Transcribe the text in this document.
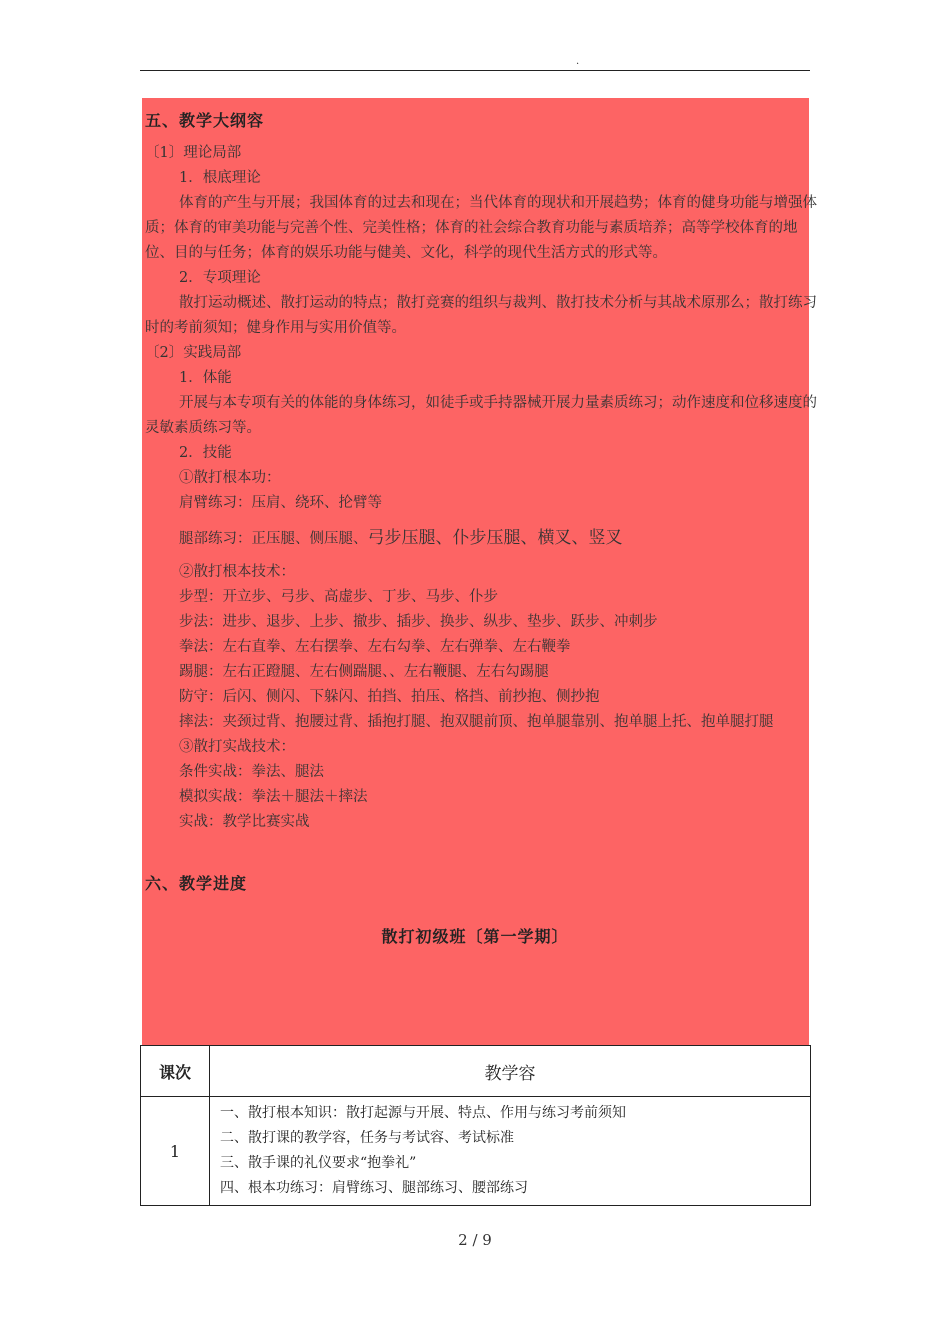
.

五、教学大纲容

〔1〕理论局部

1．根底理论

体育的产生与开展；我国体育的过去和现在；当代体育的现状和开展趋势；体育的健身功能与增强体质；体育的审美功能与完善个性、完美性格；体育的社会综合教育功能与素质培养；高等学校体育的地位、目的与任务；体育的娱乐功能与健美、文化，科学的现代生活方式的形式等。

2．专项理论

散打运动概述、散打运动的特点；散打竞赛的组织与裁判、散打技术分析与其战术原那么；散打练习时的考前须知；健身作用与实用价值等。

〔2〕实践局部

1．体能

开展与本专项有关的体能的身体练习，如徒手或手持器械开展力量素质练习；动作速度和位移速度的灵敏素质练习等。

2．技能

①散打根本功：

肩臂练习：压肩、绕环、抡臂等

腿部练习：正压腿、侧压腿、弓步压腿、仆步压腿、横叉、竖叉

②散打根本技术：

步型：开立步、弓步、高虚步、丁步、马步、仆步

步法：进步、退步、上步、撤步、插步、换步、纵步、垫步、跃步、冲刺步

拳法：左右直拳、左右摆拳、左右勾拳、左右弹拳、左右鞭拳

踢腿：左右正蹬腿、左右侧踹腿、、左右鞭腿、左右勾踢腿

防守：后闪、侧闪、下躲闪、拍挡、拍压、格挡、前抄抱、侧抄抱

摔法：夹颈过背、抱腰过背、插抱打腿、抱双腿前顶、抱单腿靠别、抱单腿上托、抱单腿打腿

③散打实战技术：

条件实战：拳法、腿法

模拟实战：拳法＋腿法＋摔法

实战：教学比赛实战

六、教学进度

散打初级班〔第一学期〕

课次	教学容
1	一、散打根本知识：散打起源与开展、特点、作用与练习考前须知
二、散打课的教学容，任务与考试容、考试标准
三、散手课的礼仪要求“抱拳礼”
四、根本功练习：肩臂练习、腿部练习、腰部练习
2 / 9
